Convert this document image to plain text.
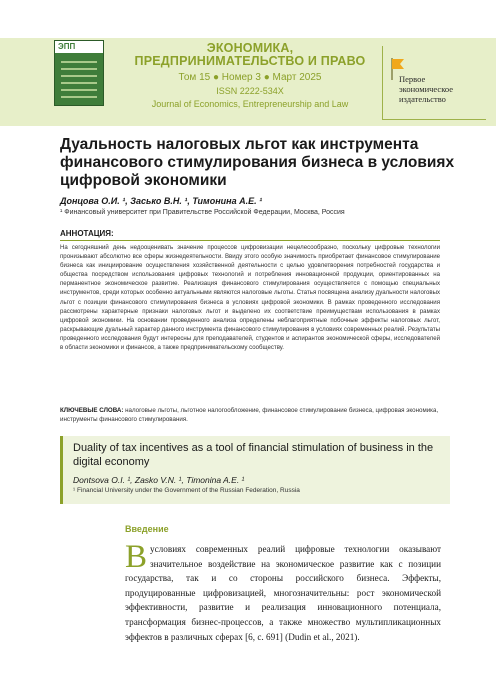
ЭПП	ЭКОНОМИКА,
ПРЕДПРИНИМАТЕЛЬСТВО И ПРАВО
Том 15 ● Номер 3 ● Март 2025
ISSN 2222-534X
Journal of Economics, Entrepreneurship and Law
Первое
экономическое
издательство
Дуальность налоговых льгот как инструмента финансового стимулирования бизнеса в условиях цифровой экономики
Донцова О.И. ¹, Засько В.Н. ¹, Тимонина А.Е. ¹
¹ Финансовый университет при Правительстве Российской Федерации, Москва, Россия
АННОТАЦИЯ:

На сегодняшний день недооценивать значение процессов цифровизации нецелесообразно, поскольку цифровые технологии пронизывают абсолютно все сферы жизнедеятельности. Ввиду этого особую значимость приобретает финансовое стимулирование бизнеса как инициирование осуществления хозяйственной деятельности с целью удовлетворения потребностей государства и общества посредством использования цифровых технологий и потребления инновационной продукции, ориентированных на перманентное экономическое развитие. Реализация финансового стимулирования осуществляется с помощью специальных инструментов, среди которых особенно актуальными являются налоговые льготы. Статья посвящена анализу дуальности налоговых льгот с позиции финансового стимулирования бизнеса в условиях цифровой экономики. В рамках проведенного исследования рассмотрены характерные признаки налоговых льгот и выделено их соответствие преимуществам использования в рамках цифровой экономики. На основании проведенного анализа определены неблагоприятные побочные эффекты налоговых льгот, раскрывающие дуальный характер данного инструмента финансового стимулирования в условиях современных реалий. Результаты проведенного исследования будут интересны для преподавателей, студентов и аспирантов экономической сферы, исследователей в области экономики и финансов, а также предпринимательскому сообществу.

КЛЮЧЕВЫЕ СЛОВА: налоговые льготы, льготное налогообложение, финансовое стимулирование бизнеса, цифровая экономика, инструменты финансового стимулирования.

Duality of tax incentives as a tool of financial stimulation of business in the digital economy
Dontsova O.I. ¹, Zasko V.N. ¹, Timonina A.E. ¹
¹ Financial University under the Government of the Russian Federation, Russia
Введение

В условиях современных реалий цифровые технологии оказывают значительное воздействие на экономическое развитие как с позиции государства, так и со стороны российского бизнеса. Эффекты, продуцированные цифровизацией, многозначительны: рост экономической эффективности, развитие и реализация инновационного потенциала, трансформация бизнес-процессов, а также множество мультипликационных эффектов в различных сферах [6, с. 691] (Dudin et al., 2021).
